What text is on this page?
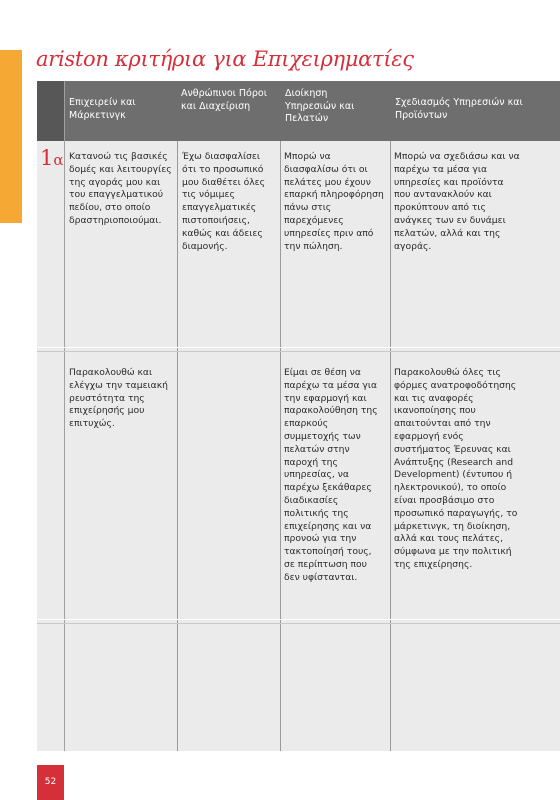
ariston κριτήρια για Επιχειρηματίες
Επιχειρείν και Μάρκετινγκ
Ανθρώπινοι Πόροι και Διαχείριση
Διοίκηση Υπηρεσιών και Πελατών
Σχεδιασμός Υπηρεσιών και Προϊόντων
1α Κατανοώ τις βασικές δομές και λειτουργίες της αγοράς μου και του επαγγελματικού πεδίου, στο οποίο δραστηριοποιούμαι.
Έχω διασφαλίσει ότι το προσωπικό μου διαθέτει όλες τις νόμιμες επαγγελματικές πιστοποιήσεις, καθώς και άδειες διαμονής.
Μπορώ να διασφαλίσω ότι οι πελάτες μου έχουν επαρκή πληροφόρηση πάνω στις παρεχόμενες υπηρεσίες πριν από την πώληση.
Μπορώ να σχεδιάσω και να παρέχω τα μέσα για υπηρεσίες και προϊόντα που αντανακλούν και προκύπτουν από τις ανάγκες των εν δυνάμει πελατών, αλλά και της αγοράς.
Παρακολουθώ και ελέγχω την ταμειακή ρευστότητα της επιχείρησής μου επιτυχώς.
Είμαι σε θέση να παρέχω τα μέσα για την εφαρμογή και παρακολούθηση της επαρκούς συμμετοχής των πελατών στην παροχή της υπηρεσίας, να παρέχω ξεκάθαρες διαδικασίες πολιτικής της επιχείρησης και να προνοώ για την τακτοποίησή τους, σε περίπτωση που δεν υφίστανται.
Παρακολουθώ όλες τις φόρμες ανατροφοδότησης και τις αναφορές ικανοποίησης που απαιτούνται από την εφαρμογή ενός συστήματος Έρευνας και Ανάπτυξης (Research and Development) (έντυπου ή ηλεκτρονικού), το οποίο είναι προσβάσιμο στο προσωπικό παραγωγής, το μάρκετινγκ, τη διοίκηση, αλλά και τους πελάτες, σύμφωνα με την πολιτική της επιχείρησης.
52
